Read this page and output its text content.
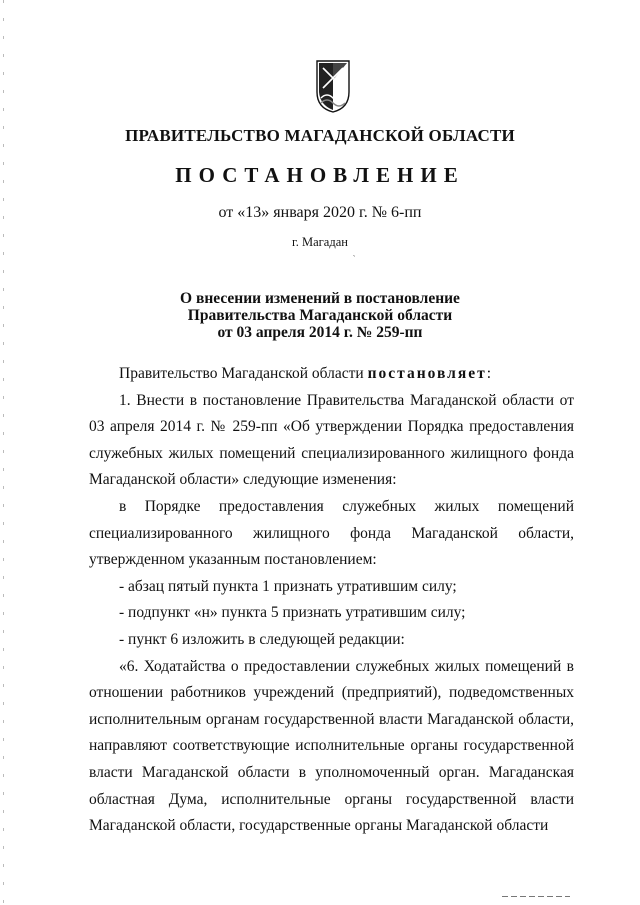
ПРАВИТЕЛЬСТВО МАГАДАНСКОЙ ОБЛАСТИ
ПОСТАНОВЛЕНИЕ
от «13» января 2020 г. № 6-пп
г. Магадан
‵
О внесении изменений в постановление
Правительства Магаданской области
от 03 апреля 2014 г. № 259-пп

Правительство Магаданской области постановляет:

1. Внести в постановление Правительства Магаданской области от 03 апреля 2014 г. № 259-пп «Об утверждении Порядка предоставления служебных жилых помещений специализированного жилищного фонда Магаданской области» следующие изменения:

в Порядке предоставления служебных жилых помещений специализированного жилищного фонда Магаданской области, утвержденном указанным постановлением:

- абзац пятый пункта 1 признать утратившим силу;

- подпункт «н» пункта 5 признать утратившим силу;

- пункт 6 изложить в следующей редакции:

«6. Ходатайства о предоставлении служебных жилых помещений в отношении работников учреждений (предприятий), подведомственных исполнительным органам государственной власти Магаданской области, направляют соответствующие исполнительные органы государственной власти Магаданской области в уполномоченный орган. Магаданская областная Дума, исполнительные органы государственной власти Магаданской области, государственные органы Магаданской области
